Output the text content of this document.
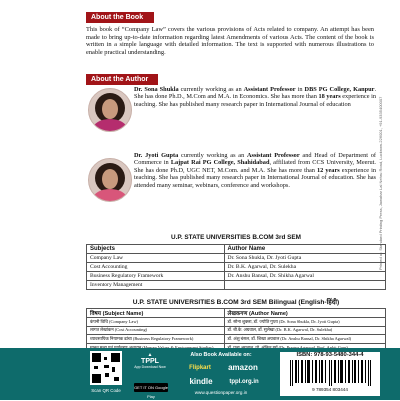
About the Book
This book of “Company Law” covers the various provisions of Acts related to company. An attempt has been made to bring up-to-date information regarding latest Amendments of various Acts. The content of the book is written in a simple language with detailed information. The text is supported with numerous illustrations to enable practical understanding.
About the Author
Dr. Sona Shukla currently working as an Assistant Professor in DBS PG College, Kanpur. She has done Ph.D., M.Com and M.A. in Economics. She has more than 18 years experience in teaching. She has published many research paper in International Journal of education
Dr. Jyoti Gupta currently working as an Assistant Professor and Head of Department of Commerce in Lajpat Rai PG College, Shahidabad, affiliated from CCS University, Meerut. She has done Ph.D, UGC NET, M.Com. and M.A. She has more than 12 years experience in teaching. She has published many research paper in International Journal of education. She has attended many seminar, webinars, conference and workshops.	Printed at: Standard Printing Press, Jawahar Lal Nehru Road, Lucknow-226001, +91-9335400007
U.P. STATE UNIVERSITIES B.COM 3rd SEM
Subjects	Author Name
Company Law	Dr. Sona Shukla, Dr. Jyoti Gupta
Cost Accounting	Dr. B.K. Agarwal, Dr. Sulekha
Business Regulatory Framework	Dr. Anshu Bansal, Dr. Shikha Agarwal
Inventory Management	
U.P. STATE UNIVERSITIES B.COM 3rd SEM Bilingual (English-हिंदी)
विषय (Subject Name)	लेखकगण (Author Name)
कंपनी विधि (Company Law)	डॉ. सोना शुक्ला, डॉ. ज्योति गुप्ता (Dr. Sona Shukla, Dr. Jyoti Gupta)
लागत लेखांकन (Cost Accounting)	डॉ. बी.के. अग्रवाल, डॉ. सुलेखा (Dr. B.K. Agarwal, Dr. Sulekha)
व्यावसायिक नियामक ढांचा (Business Regulatory Framework)	डॉ. अंशु बंसल, डॉ. शिखा अग्रवाल (Dr. Anshu Bansal, Dr. Shikha Agarwal)

Scan QR Code
▲
TPPL
App Download Now
GET IT ON Google Play
Also Book Available on:
Flipkart	amazon
kindle	tppl.org.in
www.questionpaper.org.in
ISBN: 978-93-5480-344-4
9 789354 803444
